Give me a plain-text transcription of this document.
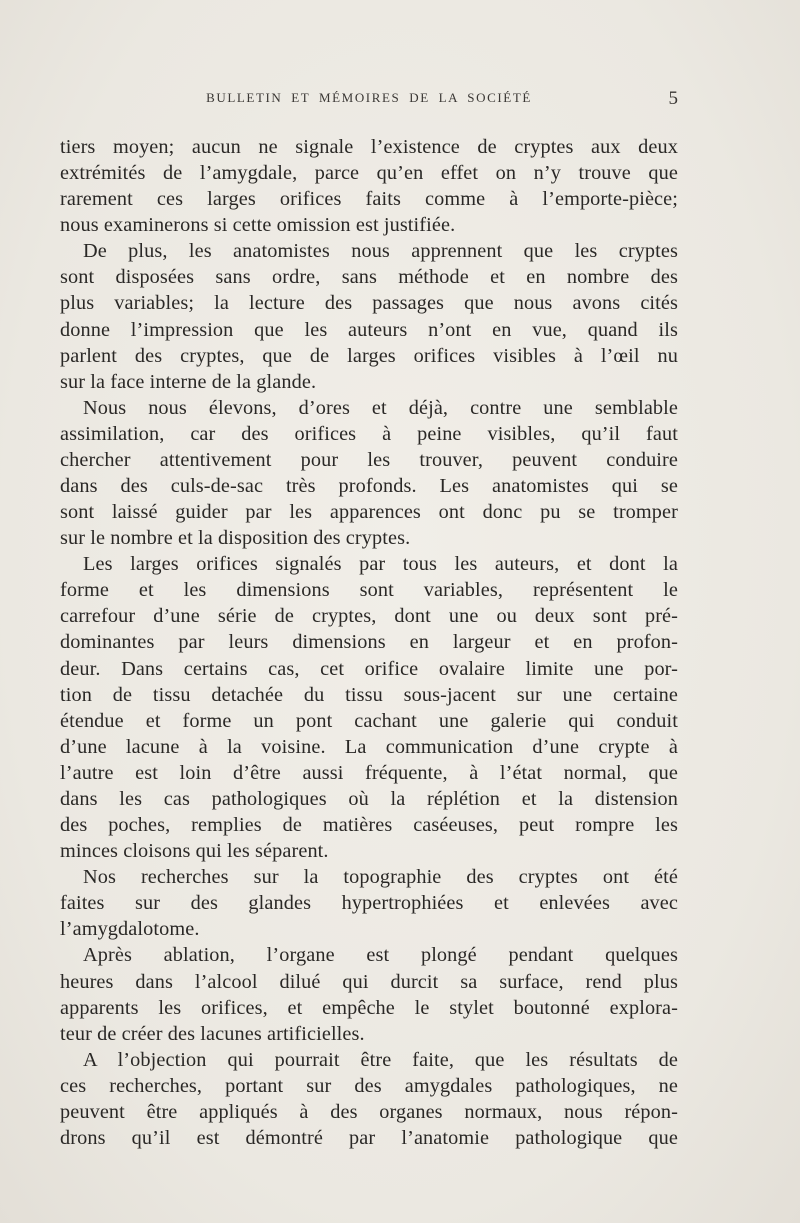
BULLETIN ET MÉMOIRES DE LA SOCIÉTÉ	5

tiers moyen; aucun ne signale l’existence de cryptes aux deux
extrémités de l’amygdale, parce qu’en effet on n’y trouve que
rarement ces larges orifices faits comme à l’emporte-pièce;
nous examinerons si cette omission est justifiée.

De plus, les anatomistes nous apprennent que les cryptes
sont disposées sans ordre, sans méthode et en nombre des
plus variables; la lecture des passages que nous avons cités
donne l’impression que les auteurs n’ont en vue, quand ils
parlent des cryptes, que de larges orifices visibles à l’œil nu
sur la face interne de la glande.

Nous nous élevons, d’ores et déjà, contre une semblable
assimilation, car des orifices à peine visibles, qu’il faut
chercher attentivement pour les trouver, peuvent conduire
dans des culs-de-sac très profonds. Les anatomistes qui se
sont laissé guider par les apparences ont donc pu se tromper
sur le nombre et la disposition des cryptes.

Les larges orifices signalés par tous les auteurs, et dont la
forme et les dimensions sont variables, représentent le
carrefour d’une série de cryptes, dont une ou deux sont pré-
dominantes par leurs dimensions en largeur et en profon-
deur. Dans certains cas, cet orifice ovalaire limite une por-
tion de tissu detachée du tissu sous-jacent sur une certaine
étendue et forme un pont cachant une galerie qui conduit
d’une lacune à la voisine. La communication d’une crypte à
l’autre est loin d’être aussi fréquente, à l’état normal, que
dans les cas pathologiques où la réplétion et la distension
des poches, remplies de matières caséeuses, peut rompre les
minces cloisons qui les séparent.

Nos recherches sur la topographie des cryptes ont été
faites sur des glandes hypertrophiées et enlevées avec
l’amygdalotome.

Après ablation, l’organe est plongé pendant quelques
heures dans l’alcool dilué qui durcit sa surface, rend plus
apparents les orifices, et empêche le stylet boutonné explora-
teur de créer des lacunes artificielles.

A l’objection qui pourrait être faite, que les résultats de
ces recherches, portant sur des amygdales pathologiques, ne
peuvent être appliqués à des organes normaux, nous répon-
drons qu’il est démontré par l’anatomie pathologique que
